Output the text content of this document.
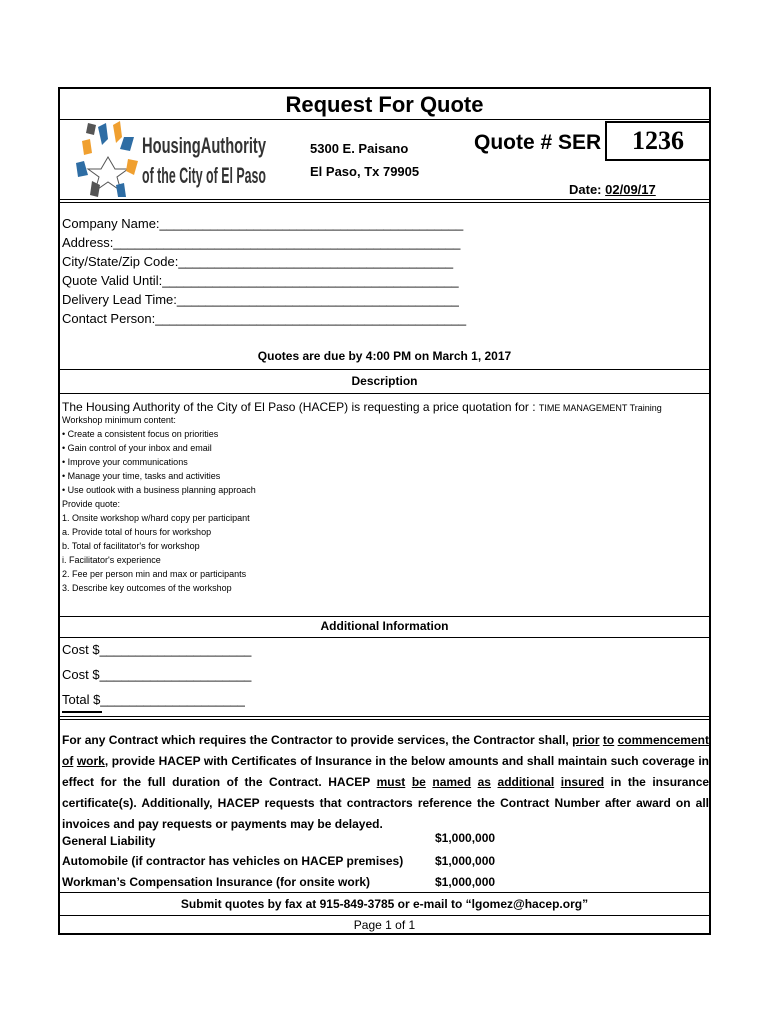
Request For Quote
HousingAuthority
of the City of El Paso
5300 E. Paisano
El Paso, Tx 79905
Quote # SER	1236
Date: 02/09/17
Company Name:__________________________________________
Address:________________________________________________
City/State/Zip Code:______________________________________
Quote Valid Until:_________________________________________
Delivery Lead Time:_______________________________________
Contact Person:___________________________________________
Quotes are due by 4:00 PM on March 1, 2017
Description
The Housing Authority of the City of El Paso (HACEP) is requesting a price quotation for : TIME MANAGEMENT Training
Workshop minimum content:
• Create a consistent focus on priorities
• Gain control of your inbox and email
• Improve your communications
• Manage your time, tasks and activities
• Use outlook with a business planning approach
Provide quote:
1. Onsite workshop w/hard copy per participant
a. Provide total of hours for workshop
b. Total of facilitator's for workshop
i. Facilitator's experience
2. Fee per person min and max or participants
3. Describe key outcomes of the workshop
Additional Information
Cost $_____________________
Cost $_____________________
Total $____________________
For any Contract which requires the Contractor to provide services, the Contractor shall, prior to commencement of work, provide HACEP with Certificates of Insurance in the below amounts and shall maintain such coverage in effect for the full duration of the Contract. HACEP must be named as additional insured in the insurance certificate(s). Additionally, HACEP requests that contractors reference the Contract Number after award on all invoices and pay requests or payments may be delayed.
General Liability	$1,000,000
Automobile (if contractor has vehicles on HACEP premises)	$1,000,000
Workman’s Compensation Insurance (for onsite work)	$1,000,000
Submit quotes by fax at 915-849-3785 or e-mail to “lgomez@hacep.org”
Page 1 of 1
